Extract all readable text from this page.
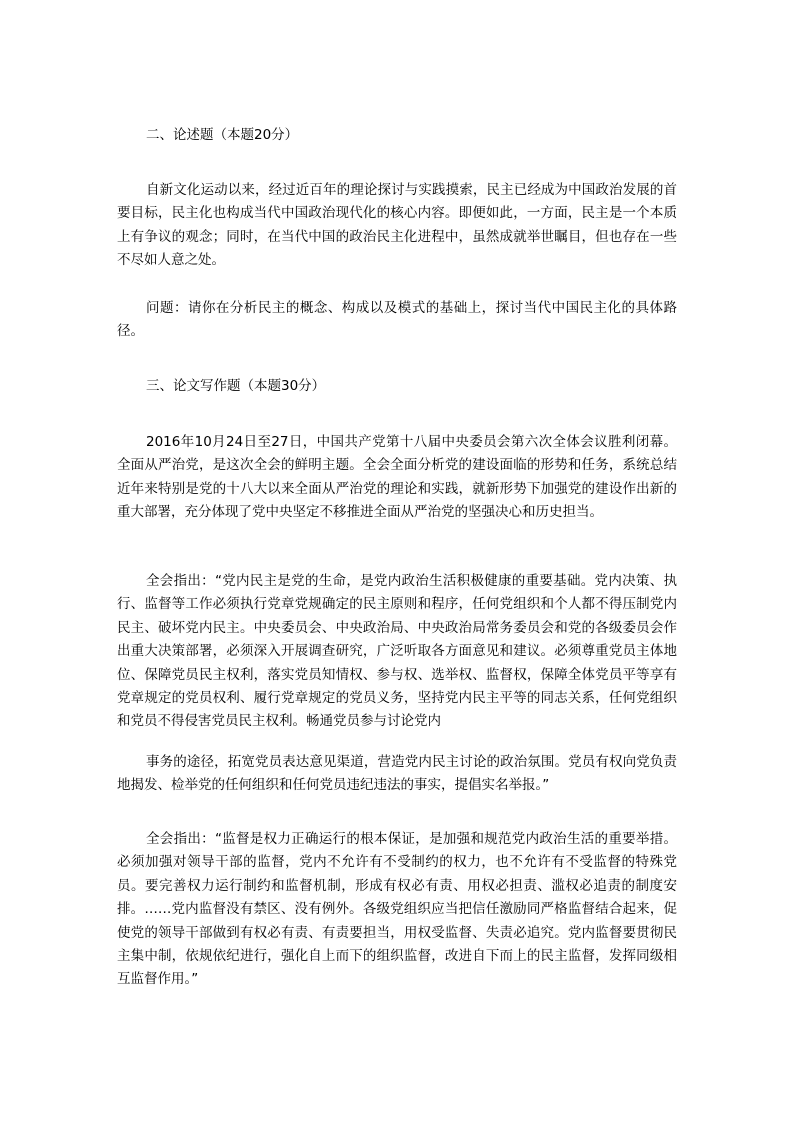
二、论述题（本题20分）

自新文化运动以来，经过近百年的理论探讨与实践摸索，民主已经成为中国政治发展的首要目标，民主化也构成当代中国政治现代化的核心内容。即便如此，一方面，民主是一个本质上有争议的观念；同时，在当代中国的政治民主化进程中，虽然成就举世瞩目，但也存在一些不尽如人意之处。

问题：请你在分析民主的概念、构成以及模式的基础上，探讨当代中国民主化的具体路径。

三、论文写作题（本题30分）

2016年10月24日至27日，中国共产党第十八届中央委员会第六次全体会议胜利闭幕。全面从严治党，是这次全会的鲜明主题。全会全面分析党的建设面临的形势和任务，系统总结近年来特别是党的十八大以来全面从严治党的理论和实践，就新形势下加强党的建设作出新的重大部署，充分体现了党中央坚定不移推进全面从严治党的坚强决心和历史担当。

全会指出：“党内民主是党的生命，是党内政治生活积极健康的重要基础。党内决策、执行、监督等工作必须执行党章党规确定的民主原则和程序，任何党组织和个人都不得压制党内民主、破坏党内民主。中央委员会、中央政治局、中央政治局常务委员会和党的各级委员会作出重大决策部署，必须深入开展调查研究，广泛听取各方面意见和建议。必须尊重党员主体地位、保障党员民主权利，落实党员知情权、参与权、选举权、监督权，保障全体党员平等享有党章规定的党员权利、履行党章规定的党员义务，坚持党内民主平等的同志关系，任何党组织和党员不得侵害党员民主权利。畅通党员参与讨论党内

事务的途径，拓宽党员表达意见渠道，营造党内民主讨论的政治氛围。党员有权向党负责地揭发、检举党的任何组织和任何党员违纪违法的事实，提倡实名举报。”

全会指出：“监督是权力正确运行的根本保证，是加强和规范党内政治生活的重要举措。必须加强对领导干部的监督，党内不允许有不受制约的权力，也不允许有不受监督的特殊党员。要完善权力运行制约和监督机制，形成有权必有责、用权必担责、滥权必追责的制度安排。……党内监督没有禁区、没有例外。各级党组织应当把信任激励同严格监督结合起来，促使党的领导干部做到有权必有责、有责要担当，用权受监督、失责必追究。党内监督要贯彻民主集中制，依规依纪进行，强化自上而下的组织监督，改进自下而上的民主监督，发挥同级相互监督作用。”
